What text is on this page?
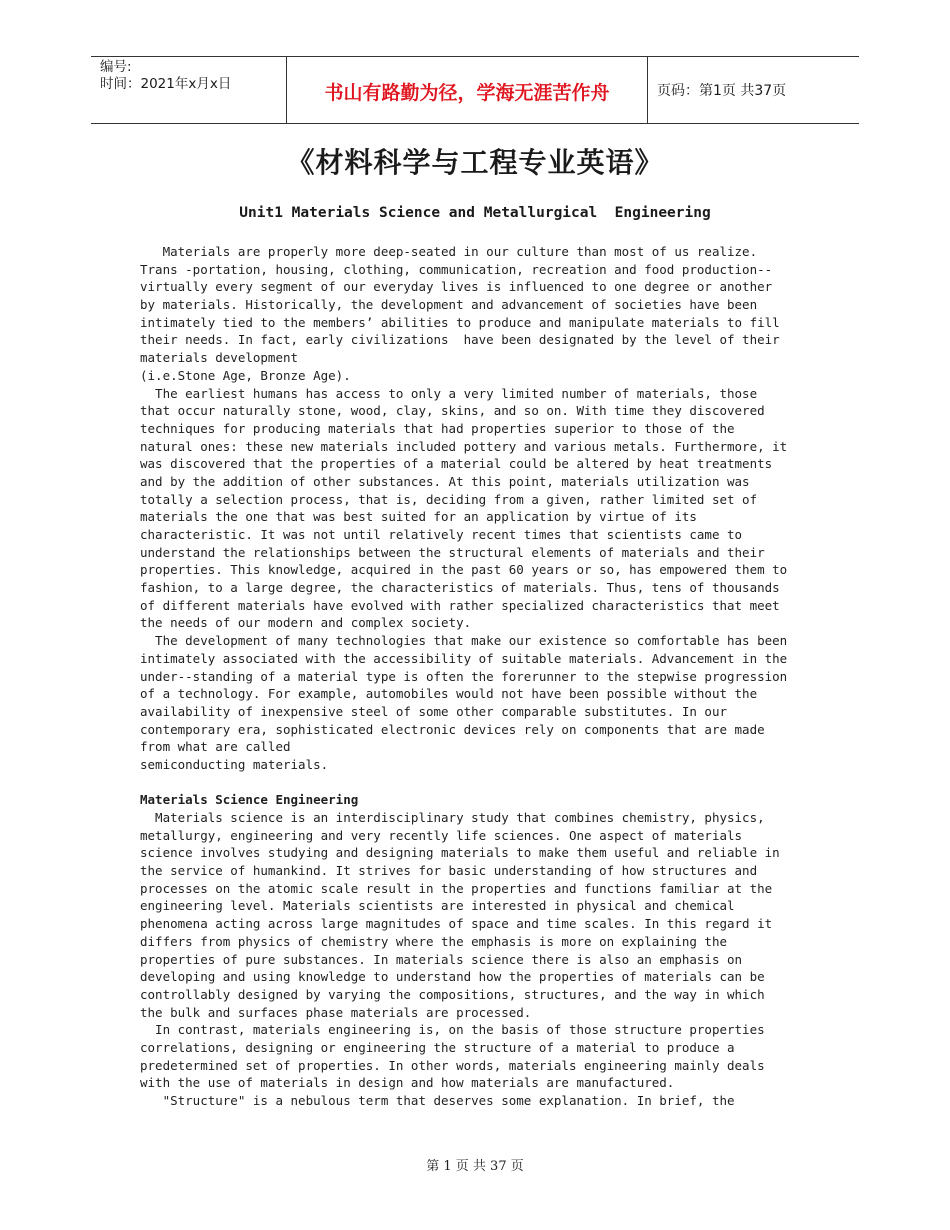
编号:
时间：2021年x月x日	书山有路勤为径，学海无涯苦作舟	页码：第1页 共37页
《材料科学与工程专业英语》
Unit1 Materials Science and Metallurgical  Engineering
Materials are properly more deep-seated in our culture than most of us realize.
Trans -portation, housing, clothing, communication, recreation and food production--
virtually every segment of our everyday lives is influenced to one degree or another
by materials. Historically, the development and advancement of societies have been
intimately tied to the members’ abilities to produce and manipulate materials to fill
their needs. In fact, early civilizations  have been designated by the level of their
materials development
(i.e.Stone Age, Bronze Age).
The earliest humans has access to only a very limited number of materials, those
that occur naturally stone, wood, clay, skins, and so on. With time they discovered
techniques for producing materials that had properties superior to those of the
natural ones: these new materials included pottery and various metals. Furthermore, it
was discovered that the properties of a material could be altered by heat treatments
and by the addition of other substances. At this point, materials utilization was
totally a selection process, that is, deciding from a given, rather limited set of
materials the one that was best suited for an application by virtue of its
characteristic. It was not until relatively recent times that scientists came to
understand the relationships between the structural elements of materials and their
properties. This knowledge, acquired in the past 60 years or so, has empowered them to
fashion, to a large degree, the characteristics of materials. Thus, tens of thousands
of different materials have evolved with rather specialized characteristics that meet
the needs of our modern and complex society.
The development of many technologies that make our existence so comfortable has been
intimately associated with the accessibility of suitable materials. Advancement in the
under--standing of a material type is often the forerunner to the stepwise progression
of a technology. For example, automobiles would not have been possible without the
availability of inexpensive steel of some other comparable substitutes. In our
contemporary era, sophisticated electronic devices rely on components that are made
from what are called
semiconducting materials.
Materials Science Engineering
Materials science is an interdisciplinary study that combines chemistry, physics,
metallurgy, engineering and very recently life sciences. One aspect of materials
science involves studying and designing materials to make them useful and reliable in
the service of humankind. It strives for basic understanding of how structures and
processes on the atomic scale result in the properties and functions familiar at the
engineering level. Materials scientists are interested in physical and chemical
phenomena acting across large magnitudes of space and time scales. In this regard it
differs from physics of chemistry where the emphasis is more on explaining the
properties of pure substances. In materials science there is also an emphasis on
developing and using knowledge to understand how the properties of materials can be
controllably designed by varying the compositions, structures, and the way in which
the bulk and surfaces phase materials are processed.
In contrast, materials engineering is, on the basis of those structure properties
correlations, designing or engineering the structure of a material to produce a
predetermined set of properties. In other words, materials engineering mainly deals
with the use of materials in design and how materials are manufactured.
"Structure" is a nebulous term that deserves some explanation. In brief, the
第 1 页 共 37 页
